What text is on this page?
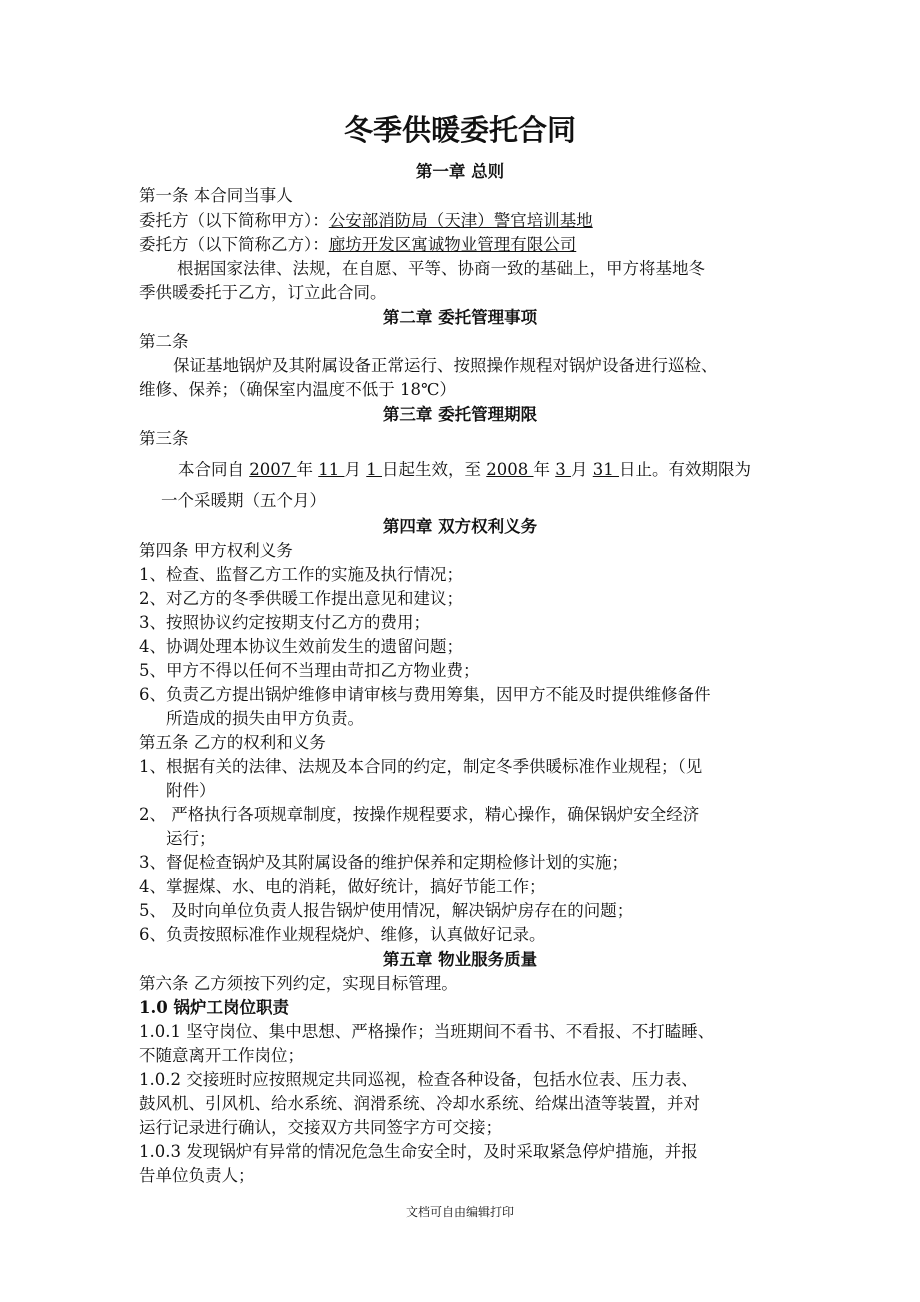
冬季供暖委托合同
第一章 总则
第一条 本合同当事人
委托方（以下简称甲方）：公安部消防局（天津）警官培训基地
委托方（以下简称乙方）：廊坊开发区寓诚物业管理有限公司
根据国家法律、法规，在自愿、平等、协商一致的基础上，甲方将基地冬
季供暖委托于乙方，订立此合同。
第二章 委托管理事项
第二条
保证基地锅炉及其附属设备正常运行、按照操作规程对锅炉设备进行巡检、
维修、保养；（确保室内温度不低于 18℃）
第三章 委托管理期限
第三条
本合同自 2007 年 11 月 1 日起生效，至 2008 年 3 月 31 日止。有效期限为
一个采暖期（五个月）
第四章 双方权利义务
第四条 甲方权利义务
1、检查、监督乙方工作的实施及执行情况；
2、对乙方的冬季供暖工作提出意见和建议；
3、按照协议约定按期支付乙方的费用；
4、协调处理本协议生效前发生的遗留问题；
5、甲方不得以任何不当理由苛扣乙方物业费；
6、负责乙方提出锅炉维修申请审核与费用筹集，因甲方不能及时提供维修备件
所造成的损失由甲方负责。
第五条 乙方的权利和义务
1、根据有关的法律、法规及本合同的约定，制定冬季供暖标准作业规程；（见
附件）
2、 严格执行各项规章制度，按操作规程要求，精心操作，确保锅炉安全经济
运行；
3、督促检查锅炉及其附属设备的维护保养和定期检修计划的实施；
4、掌握煤、水、电的消耗，做好统计，搞好节能工作；
5、 及时向单位负责人报告锅炉使用情况，解决锅炉房存在的问题；
6、负责按照标准作业规程烧炉、维修，认真做好记录。
第五章 物业服务质量
第六条 乙方须按下列约定，实现目标管理。
1.0 锅炉工岗位职责
1.0.1 坚守岗位、集中思想、严格操作；当班期间不看书、不看报、不打瞌睡、
不随意离开工作岗位；
1.0.2 交接班时应按照规定共同巡视，检查各种设备，包括水位表、压力表、
鼓风机、引风机、给水系统、润滑系统、冷却水系统、给煤出渣等装置，并对
运行记录进行确认，交接双方共同签字方可交接；
1.0.3 发现锅炉有异常的情况危急生命安全时，及时采取紧急停炉措施，并报
告单位负责人；
文档可自由编辑打印
